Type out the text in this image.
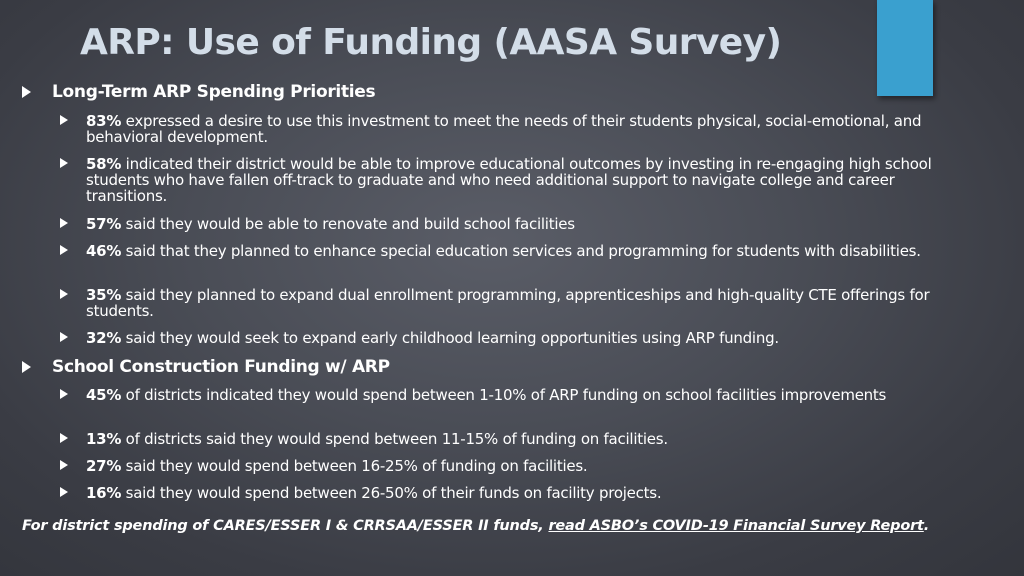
ARP: Use of Funding (AASA Survey)
Long-Term ARP Spending Priorities
83% expressed a desire to use this investment to meet the needs of their students physical, social-emotional, and behavioral development.
58% indicated their district would be able to improve educational outcomes by investing in re-engaging high school students who have fallen off-track to graduate and who need additional support to navigate college and career transitions.
57% said they would be able to renovate and build school facilities
46% said that they planned to enhance special education services and programming for students with disabilities.
35% said they planned to expand dual enrollment programming, apprenticeships and high-quality CTE offerings for students.
32% said they would seek to expand early childhood learning opportunities using ARP funding.
School Construction Funding w/ ARP
45% of districts indicated they would spend between 1-10% of ARP funding on school facilities improvements
13% of districts said they would spend between 11-15% of funding on facilities.
27% said they would spend between 16-25% of funding on facilities.
16% said they would spend between 26-50% of their funds on facility projects.
For district spending of CARES/ESSER I & CRRSAA/ESSER II funds, read ASBO’s COVID-19 Financial Survey Report.
